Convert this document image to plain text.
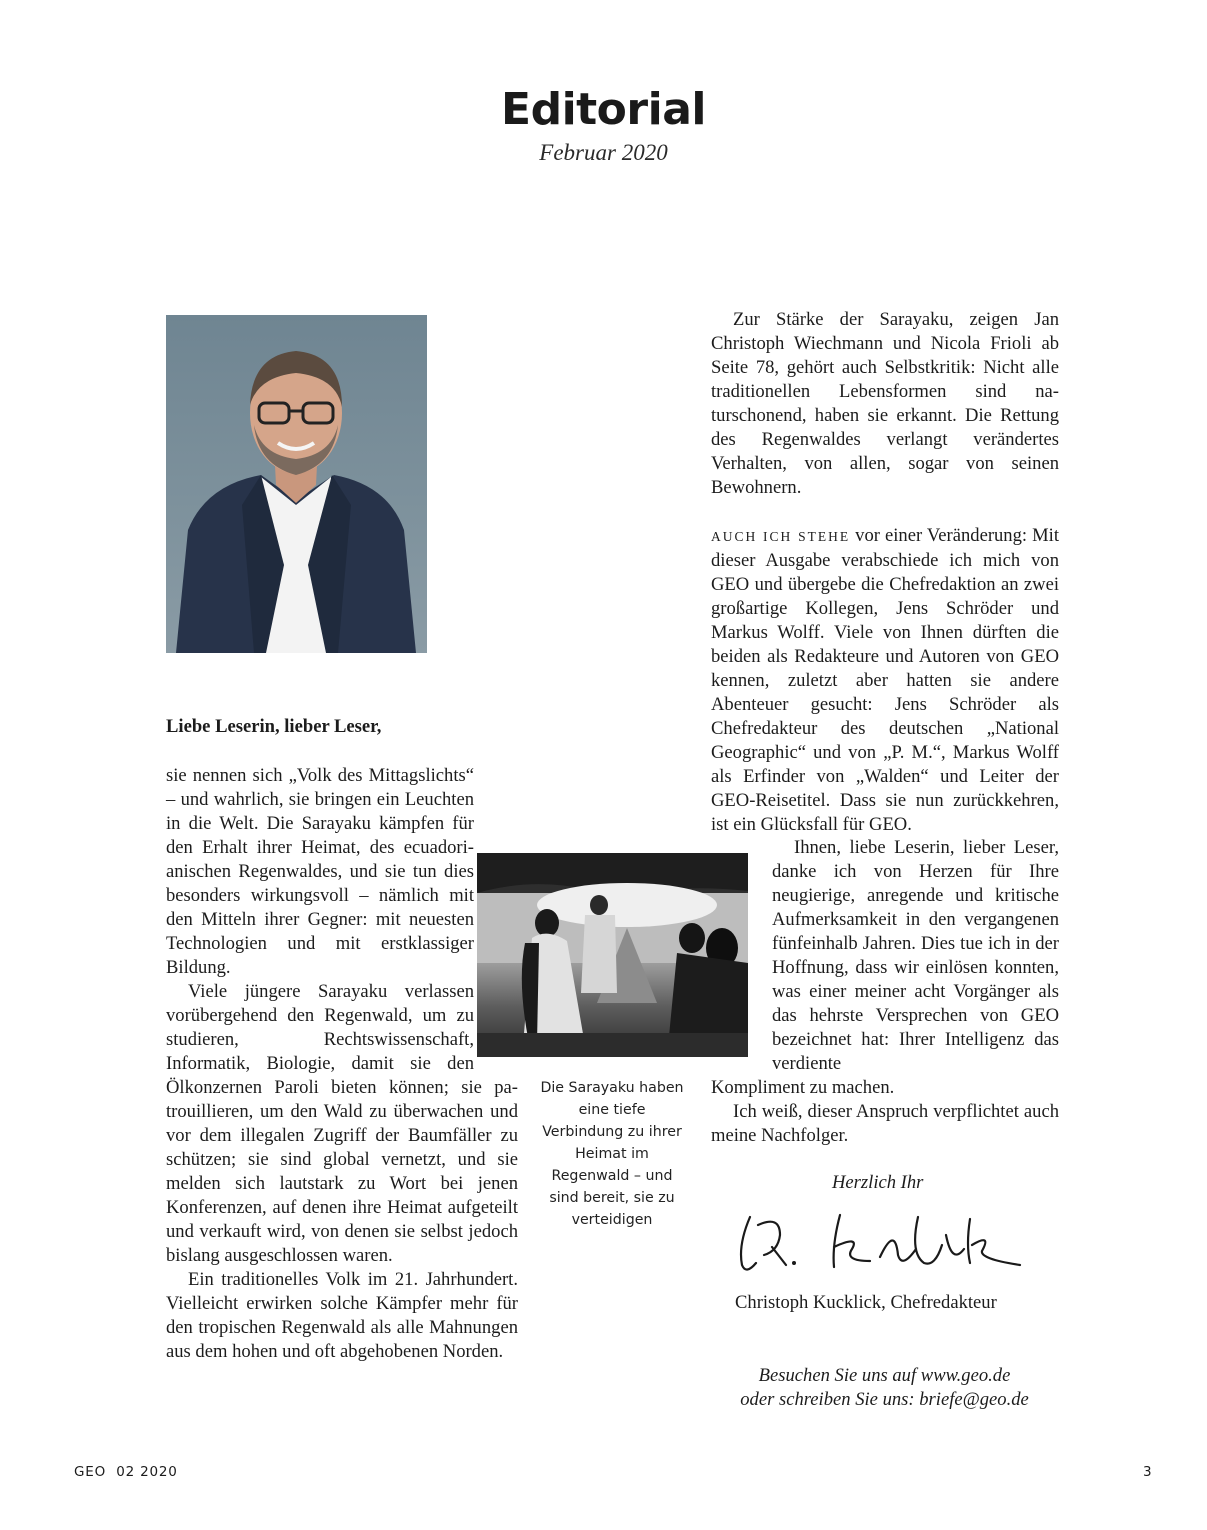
Editorial
Februar 2020
Liebe Leserin, lieber Leser,

sie nennen sich „Volk des Mittagslichts“ – und wahrlich, sie bringen ein Leuchten in die Welt. Die Sarayaku kämpfen für den Erhalt ihrer Heimat, des ecuadorianischen Regenwaldes, und sie tun dies besonders wirkungsvoll – nämlich mit den Mitteln ihrer Gegner: mit neuesten Technologien und mit erstklassiger Bildung.

Viele jüngere Sarayaku verlassen vorübergehend den Regenwald, um zu studieren, Rechtswissenschaft, Informatik, Biologie, damit sie den Ölkonzernen Paroli bieten können; sie patrouillieren, um den Wald zu überwachen und vor dem illegalen Zugriff der Baumfäller zu schützen; sie sind global vernetzt, und sie melden sich lautstark zu Wort bei jenen Konferenzen, auf denen ihre Heimat aufgeteilt und verkauft wird, von denen sie selbst jedoch bislang ausgeschlossen waren.

Ein traditionelles Volk im 21. Jahrhundert. Vielleicht erwirken solche Kämpfer mehr für den tropischen Regenwald als alle Mahnungen aus dem hohen und oft abgehobenen Norden.

Die Sarayaku haben eine tiefe Verbindung zu ihrer Heimat im Regenwald – und sind bereit, sie zu verteidigen

Zur Stärke der Sarayaku, zeigen Jan Christoph Wiechmann und Nicola Frioli ab Seite 78, gehört auch Selbstkritik: Nicht alle traditionellen Lebensformen sind naturschonend, haben sie erkannt. Die Rettung des Regenwaldes verlangt verändertes Verhalten, von allen, sogar von seinen Bewohnern.

AUCH ICH STEHE vor einer Veränderung: Mit dieser Ausgabe verabschiede ich mich von GEO und übergebe die Chefredaktion an zwei großartige Kollegen, Jens Schröder und Markus Wolff. Viele von Ihnen dürften die beiden als Redakteure und Autoren von GEO kennen, zuletzt aber hatten sie andere Abenteuer gesucht: Jens Schröder als Chefredakteur des deutschen „National Geographic“ und von „P. M.“, Markus Wolff als Erfinder von „Walden“ und Leiter der GEO-Reisetitel. Dass sie nun zurückkehren, ist ein Glücksfall für GEO.

Ihnen, liebe Leserin, lieber Leser, danke ich von Herzen für Ihre neugierige, anregende und kritische Aufmerksamkeit in den vergangenen fünfeinhalb Jahren. Dies tue ich in der Hoffnung, dass wir einlösen konnten, was einer meiner acht Vorgänger als das hehrste Versprechen von GEO bezeichnet hat: Ihrer Intelligenz das verdiente

Kompliment zu machen.

Ich weiß, dieser Anspruch verpflichtet auch meine Nachfolger.

Herzlich Ihr
Christoph Kucklick, Chefredakteur
Besuchen Sie uns auf www.geo.de
oder schreiben Sie uns: briefe@geo.de
GEO  02 2020	3
